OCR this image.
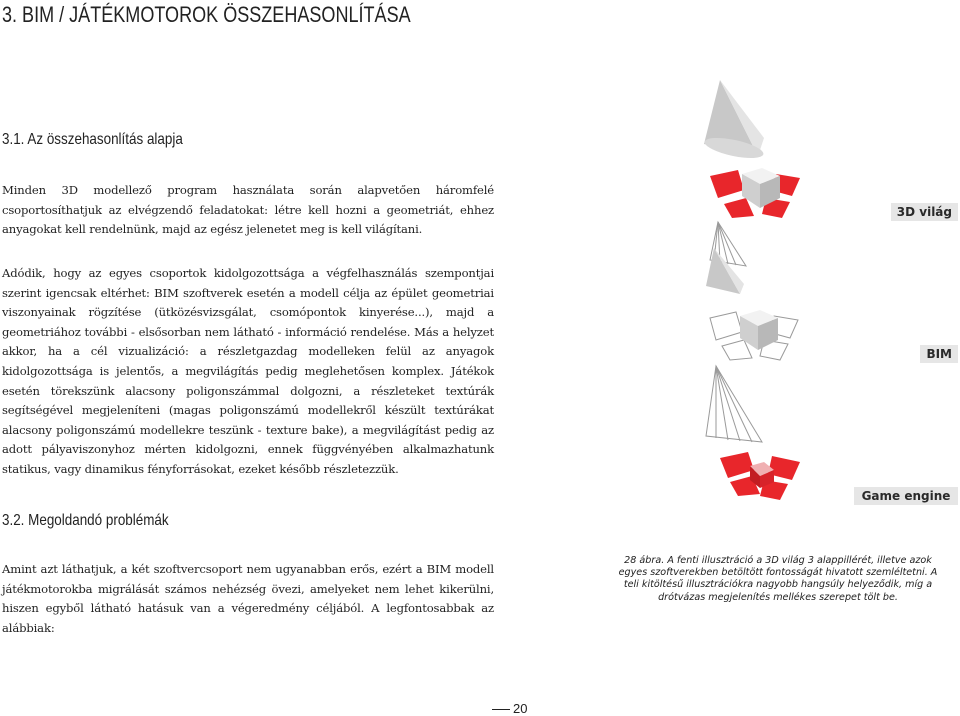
3. BIM / JÁTÉKMOTOROK ÖSSZEHASONLÍTÁSA
3.1. Az összehasonlítás alapja

Minden 3D modellező program használata során alapvetően háromfelé csoportosíthatjuk az elvégzendő feladatokat: létre kell hozni a geometriát, ehhez anyagokat kell rendelnünk, majd az egész jelenetet meg is kell világítani.

Adódik, hogy az egyes csoportok kidolgozottsága a végfelhasználás szempontjai szerint igencsak eltérhet: BIM szoftverek esetén a modell célja az épület geometriai viszonyainak rögzítése (ütközésvizsgálat, csomópontok kinyerése...), majd a geometriához további - elsősorban nem látható - információ rendelése. Más a helyzet akkor, ha a cél vizualizáció: a részletgazdag modelleken felül az anyagok kidolgozottsága is jelentős, a megvilágítás pedig meglehetősen komplex. Játékok esetén törekszünk alacsony poligonszámmal dolgozni, a részleteket textúrák segítségével megjeleníteni (magas poligonszámú modellekről készült textúrákat alacsony poligonszámú modellekre teszünk - texture bake), a megvilágítást pedig az adott pályaviszonyhoz mérten kidolgozni, ennek függvényében alkalmazhatunk statikus, vagy dinamikus fényforrásokat, ezeket később részletezzük.

3.2. Megoldandó problémák

Amint azt láthatjuk, a két szoftvercsoport nem ugyanabban erős, ezért a BIM modell játékmotorokba migrálását számos nehézség övezi, amelyeket nem lehet kikerülni, hiszen egyből látható hatásuk van a végeredmény céljából. A legfontosabbak az alábbiak:

3D világ
BIM
Game engine

28 ábra. A fenti illusztráció a 3D világ 3 alappillérét, illetve azok egyes szoftverekben betöltött fontosságát hivatott szemléltetni. A teli kitöltésű illusztrációkra nagyobb hangsúly helyeződik, míg a drótvázas megjelenítés mellékes szerepet tölt be.

20
